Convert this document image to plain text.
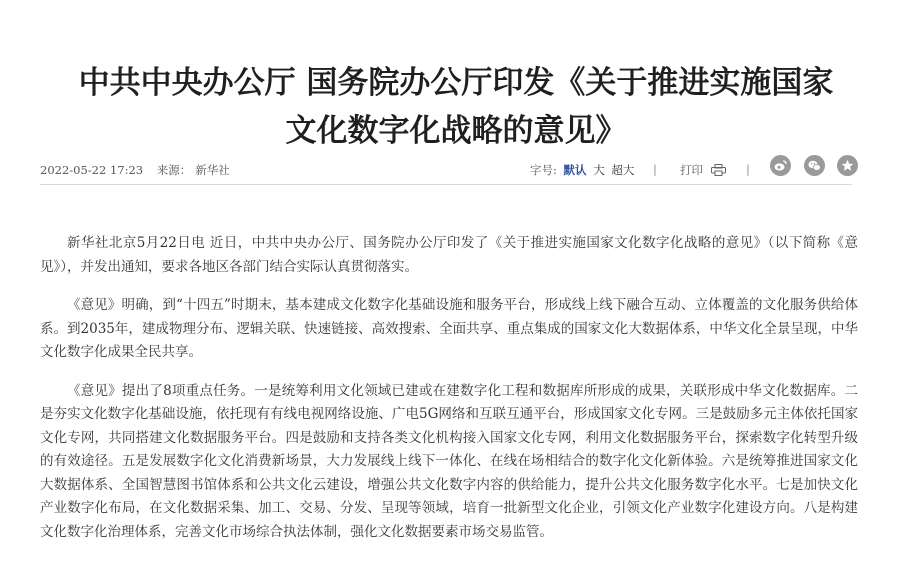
中共中央办公厅 国务院办公厅印发《关于推进实施国家
文化数字化战略的意见》
2022-05-22 17:23 来源： 新华社	字号: 默认 大 超大 | 打印	|

新华社北京5月22日电 近日，中共中央办公厅、国务院办公厅印发了《关于推进实施国家文化数字化战略的意见》（以下简称《意见》），并发出通知，要求各地区各部门结合实际认真贯彻落实。

《意见》明确，到“十四五”时期末，基本建成文化数字化基础设施和服务平台，形成线上线下融合互动、立体覆盖的文化服务供给体系。到2035年，建成物理分布、逻辑关联、快速链接、高效搜索、全面共享、重点集成的国家文化大数据体系，中华文化全景呈现，中华文化数字化成果全民共享。

《意见》提出了8项重点任务。一是统筹利用文化领域已建或在建数字化工程和数据库所形成的成果，关联形成中华文化数据库。二是夯实文化数字化基础设施，依托现有有线电视网络设施、广电5G网络和互联互通平台，形成国家文化专网。三是鼓励多元主体依托国家文化专网，共同搭建文化数据服务平台。四是鼓励和支持各类文化机构接入国家文化专网，利用文化数据服务平台，探索数字化转型升级的有效途径。五是发展数字化文化消费新场景，大力发展线上线下一体化、在线在场相结合的数字化文化新体验。六是统筹推进国家文化大数据体系、全国智慧图书馆体系和公共文化云建设，增强公共文化数字内容的供给能力，提升公共文化服务数字化水平。七是加快文化产业数字化布局，在文化数据采集、加工、交易、分发、呈现等领域，培育一批新型文化企业，引领文化产业数字化建设方向。八是构建文化数字化治理体系，完善文化市场综合执法体制，强化文化数据要素市场交易监管。
